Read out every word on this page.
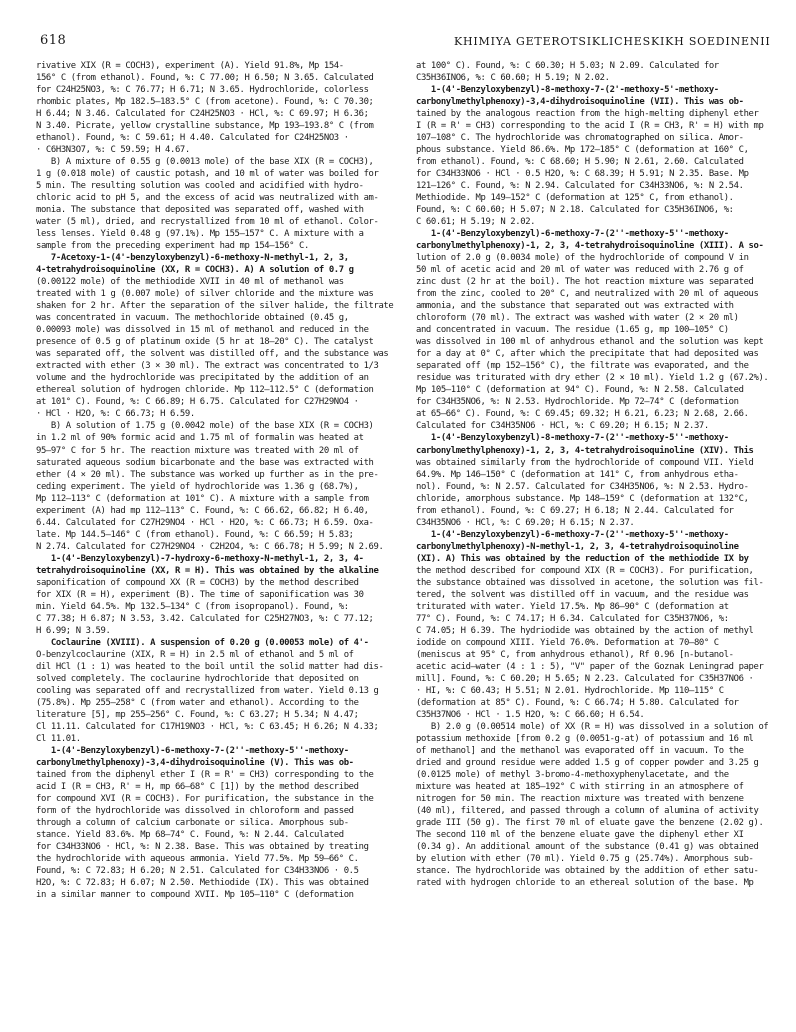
618	KHIMIYA GETEROTSIKLICHESKIKH SOEDINENII

rivative XIX (R = COCH3), experiment (A). Yield 91.8%, Mp 154-

156° C (from ethanol). Found, %: C 77.00; H 6.50; N 3.65. Calculated

for C24H25NO3, %: C 76.77; H 6.71; N 3.65. Hydrochloride, colorless

rhombic plates, Mp 182.5–183.5° C (from acetone). Found, %: C 70.30;

H 6.44; N 3.46. Calculated for C24H25NO3 · HCl, %: C 69.97; H 6.36;

N 3.40. Picrate, yellow crystalline substance, Mp 193–193.8° C (from

ethanol). Found, %: C 59.61; H 4.40. Calculated for C24H25NO3 ·

· C6H3N3O7, %: C 59.59; H 4.67.

B) A mixture of 0.55 g (0.0013 mole) of the base XIX (R = COCH3),

1 g (0.018 mole) of caustic potash, and 10 ml of water was boiled for

5 min. The resulting solution was cooled and acidified with hydro-

chloric acid to pH 5, and the excess of acid was neutralized with am-

monia. The substance that deposited was separated off, washed with

water (5 ml), dried, and recrystallized from 10 ml of ethanol. Color-

less lenses. Yield 0.48 g (97.1%). Mp 155–157° C. A mixture with a

sample from the preceding experiment had mp 154–156° C.

7-Acetoxy-1-(4'-benzyloxybenzyl)-6-methoxy-N-methyl-1, 2, 3,

4-tetrahydroisoquinoline (XX, R = COCH3). A) A solution of 0.7 g

(0.00122 mole) of the methiodide XVII in 40 ml of methanol was

treated with 1 g (0.007 mole) of silver chloride and the mixture was

shaken for 2 hr. After the separation of the silver halide, the filtrate

was concentrated in vacuum. The methochloride obtained (0.45 g,

0.00093 mole) was dissolved in 15 ml of methanol and reduced in the

presence of 0.5 g of platinum oxide (5 hr at 18–20° C). The catalyst

was separated off, the solvent was distilled off, and the substance was

extracted with ether (3 × 30 ml). The extract was concentrated to 1/3

volume and the hydrochloride was precipitated by the addition of an

ethereal solution of hydrogen chloride. Mp 112–112.5° C (deformation

at 101° C). Found, %: C 66.89; H 6.75. Calculated for C27H29NO4 ·

· HCl · H2O, %: C 66.73; H 6.59.

B) A solution of 1.75 g (0.0042 mole) of the base XIX (R = COCH3)

in 1.2 ml of 90% formic acid and 1.75 ml of formalin was heated at

95–97° C for 5 hr. The reaction mixture was treated with 20 ml of

saturated aqueous sodium bicarbonate and the base was extracted with

ether (4 × 20 ml). The substance was worked up further as in the pre-

ceding experiment. The yield of hydrochloride was 1.36 g (68.7%),

Mp 112–113° C (deformation at 101° C). A mixture with a sample from

experiment (A) had mp 112–113° C. Found, %: C 66.62, 66.82; H 6.40,

6.44. Calculated for C27H29NO4 · HCl · H2O, %: C 66.73; H 6.59. Oxa-

late. Mp 144.5–146° C (from ethanol). Found, %: C 66.59; H 5.83;

N 2.74. Calculated for C27H29NO4 · C2H2O4, %: C 66.78; H 5.99; N 2.69.

1-(4'-Benzyloxybenzyl)-7-hydroxy-6-methoxy-N-methyl-1, 2, 3, 4-

tetrahydroisoquinoline (XX, R = H). This was obtained by the alkaline

saponification of compound XX (R = COCH3) by the method described

for XIX (R = H), experiment (B). The time of saponification was 30

min. Yield 64.5%. Mp 132.5–134° C (from isopropanol). Found, %:

C 77.38; H 6.87; N 3.53, 3.42. Calculated for C25H27NO3, %: C 77.12;

H 6.99; N 3.59.

Coclaurine (XVIII). A suspension of 0.20 g (0.00053 mole) of 4'-

O-benzylcoclaurine (XIX, R = H) in 2.5 ml of ethanol and 5 ml of

dil HCl (1 : 1) was heated to the boil until the solid matter had dis-

solved completely. The coclaurine hydrochloride that deposited on

cooling was separated off and recrystallized from water. Yield 0.13 g

(75.8%). Mp 255–258° C (from water and ethanol). According to the

literature [5], mp 255–256° C. Found, %: C 63.27; H 5.34; N 4.47;

Cl 11.11. Calculated for C17H19NO3 · HCl, %: C 63.45; H 6.26; N 4.33;

Cl 11.01.

1-(4'-Benzyloxybenzyl)-6-methoxy-7-(2''-methoxy-5''-methoxy-

carbonylmethylphenoxy)-3,4-dihydroisoquinoline (V). This was ob-

tained from the diphenyl ether I (R = R' = CH3) corresponding to the

acid I (R = CH3, R' = H, mp 66–68° C [1]) by the method described

for compound XVI (R = COCH3). For purification, the substance in the

form of the hydrochloride was dissolved in chloroform and passed

through a column of calcium carbonate or silica. Amorphous sub-

stance. Yield 83.6%. Mp 68–74° C. Found, %: N 2.44. Calculated

for C34H33NO6 · HCl, %: N 2.38. Base. This was obtained by treating

the hydrochloride with aqueous ammonia. Yield 77.5%. Mp 59–66° C.

Found, %: C 72.83; H 6.20; N 2.51. Calculated for C34H33NO6 · 0.5

H2O, %: C 72.83; H 6.07; N 2.50. Methiodide (IX). This was obtained

in a similar manner to compound XVII. Mp 105–110° C (deformation

at 100° C). Found, %: C 60.30; H 5.03; N 2.09. Calculated for

C35H36INO6, %: C 60.60; H 5.19; N 2.02.

1-(4'-Benzyloxybenzyl)-8-methoxy-7-(2'-methoxy-5'-methoxy-

carbonylmethylphenoxy)-3,4-dihydroisoquinoline (VII). This was ob-

tained by the analogous reaction from the high-melting diphenyl ether

I (R = R' = CH3) corresponding to the acid I (R = CH3, R' = H) with mp

107–108° C. The hydrochloride was chromatographed on silica. Amor-

phous substance. Yield 86.6%. Mp 172–185° C (deformation at 160° C,

from ethanol). Found, %: C 68.60; H 5.90; N 2.61, 2.60. Calculated

for C34H33NO6 · HCl · 0.5 H2O, %: C 68.39; H 5.91; N 2.35. Base. Mp

121–126° C. Found, %: N 2.94. Calculated for C34H33NO6, %: N 2.54.

Methiodide. Mp 149–152° C (deformation at 125° C, from ethanol).

Found, %: C 60.60; H 5.07; N 2.18. Calculated for C35H36INO6, %:

C 60.61; H 5.19; N 2.02.

1-(4'-Benzyloxybenzyl)-6-methoxy-7-(2''-methoxy-5''-methoxy-

carbonylmethylphenoxy)-1, 2, 3, 4-tetrahydroisoquinoline (XIII). A so-

lution of 2.0 g (0.0034 mole) of the hydrochloride of compound V in

50 ml of acetic acid and 20 ml of water was reduced with 2.76 g of

zinc dust (2 hr at the boil). The hot reaction mixture was separated

from the zinc, cooled to 20° C, and neutralized with 20 ml of aqueous

ammonia, and the substance that separated out was extracted with

chloroform (70 ml). The extract was washed with water (2 × 20 ml)

and concentrated in vacuum. The residue (1.65 g, mp 100–105° C)

was dissolved in 100 ml of anhydrous ethanol and the solution was kept

for a day at 0° C, after which the precipitate that had deposited was

separated off (mp 152–156° C), the filtrate was evaporated, and the

residue was triturated with dry ether (2 × 10 ml). Yield 1.2 g (67.2%).

Mp 105–110° C (deformation at 94° C). Found, %: N 2.58. Calculated

for C34H35NO6, %: N 2.53. Hydrochloride. Mp 72–74° C (deformation

at 65–66° C). Found, %: C 69.45; 69.32; H 6.21, 6.23; N 2.68, 2.66.

Calculated for C34H35NO6 · HCl, %: C 69.20; H 6.15; N 2.37.

1-(4'-Benzyloxybenzyl)-8-methoxy-7-(2''-methoxy-5''-methoxy-

carbonylmethylphenoxy)-1, 2, 3, 4-tetrahydroisoquinoline (XIV). This

was obtained similarly from the hydrochloride of compound VII. Yield

64.9%. Mp 146–150° C (deformation at 141° C, from anhydrous etha-

nol). Found, %: N 2.57. Calculated for C34H35NO6, %: N 2.53. Hydro-

chloride, amorphous substance. Mp 148–159° C (deformation at 132°C,

from ethanol). Found, %: C 69.27; H 6.18; N 2.44. Calculated for

C34H35NO6 · HCl, %: C 69.20; H 6.15; N 2.37.

1-(4'-Benzyloxybenzyl)-6-methoxy-7-(2''-methoxy-5''-methoxy-

carbonylmethylphenoxy)-N-methyl-1, 2, 3, 4-tetrahydroisoquinoline

(XI). A) This was obtained by the reduction of the methiodide IX by

the method described for compound XIX (R = COCH3). For purification,

the substance obtained was dissolved in acetone, the solution was fil-

tered, the solvent was distilled off in vacuum, and the residue was

triturated with water. Yield 17.5%. Mp 86–90° C (deformation at

77° C). Found, %: C 74.17; H 6.34. Calculated for C35H37NO6, %:

C 74.05; H 6.39. The hydriodide was obtained by the action of methyl

iodide on compound XIII. Yield 76.0%. Deformation at 70–80° C

(meniscus at 95° C, from anhydrous ethanol), Rf 0.96 [n-butanol-

acetic acid–water (4 : 1 : 5), "V" paper of the Goznak Leningrad paper

mill]. Found, %: C 60.20; H 5.65; N 2.23. Calculated for C35H37NO6 ·

· HI, %: C 60.43; H 5.51; N 2.01. Hydrochloride. Mp 110–115° C

(deformation at 85° C). Found, %: C 66.74; H 5.80. Calculated for

C35H37NO6 · HCl · 1.5 H2O, %: C 66.60; H 6.54.

B) 2.0 g (0.00514 mole) of XX (R = H) was dissolved in a solution of

potassium methoxide [from 0.2 g (0.0051-g-at) of potassium and 16 ml

of methanol] and the methanol was evaporated off in vacuum. To the

dried and ground residue were added 1.5 g of copper powder and 3.25 g

(0.0125 mole) of methyl 3-bromo-4-methoxyphenylacetate, and the

mixture was heated at 185–192° C with stirring in an atmosphere of

nitrogen for 50 min. The reaction mixture was treated with benzene

(40 ml), filtered, and passed through a column of alumina of activity

grade III (50 g). The first 70 ml of eluate gave the benzene (2.02 g).

The second 110 ml of the benzene eluate gave the diphenyl ether XI

(0.34 g). An additional amount of the substance (0.41 g) was obtained

by elution with ether (70 ml). Yield 0.75 g (25.74%). Amorphous sub-

stance. The hydrochloride was obtained by the addition of ether satu-

rated with hydrogen chloride to an ethereal solution of the base. Mp
